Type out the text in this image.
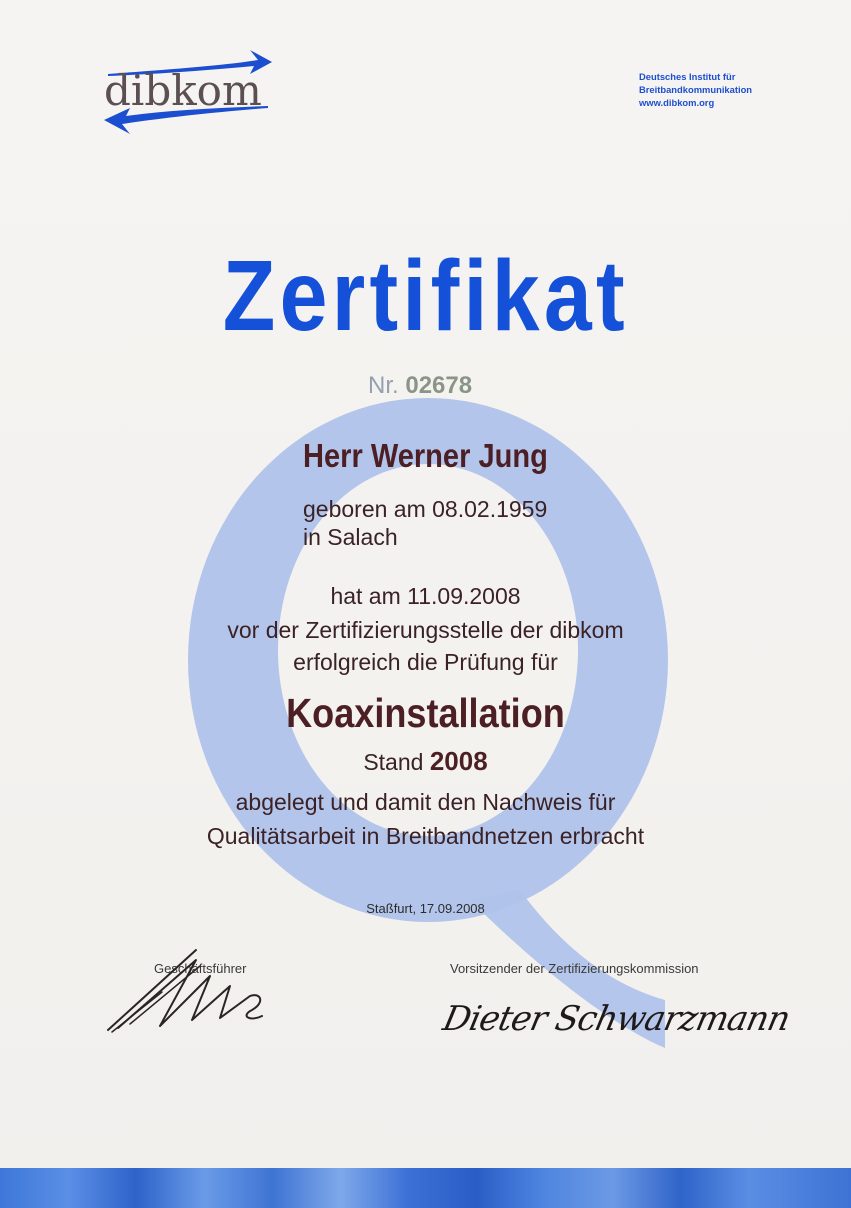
dibkom	Deutsches Institut für
Breitbandkommunikation
www.dibkom.org
Zertifikat
Nr. 02678
Herr Werner Jung
geboren am 08.02.1959
in Salach
hat am 11.09.2008
vor der Zertifizierungsstelle der dibkom
erfolgreich die Prüfung für
Koaxinstallation
Stand 2008
abgelegt und damit den Nachweis für
Qualitätsarbeit in Breitbandnetzen erbracht
Staßfurt, 17.09.2008
Geschäftsführer	Vorsitzender der Zertifizierungskommission
Dieter Schwarzmann
